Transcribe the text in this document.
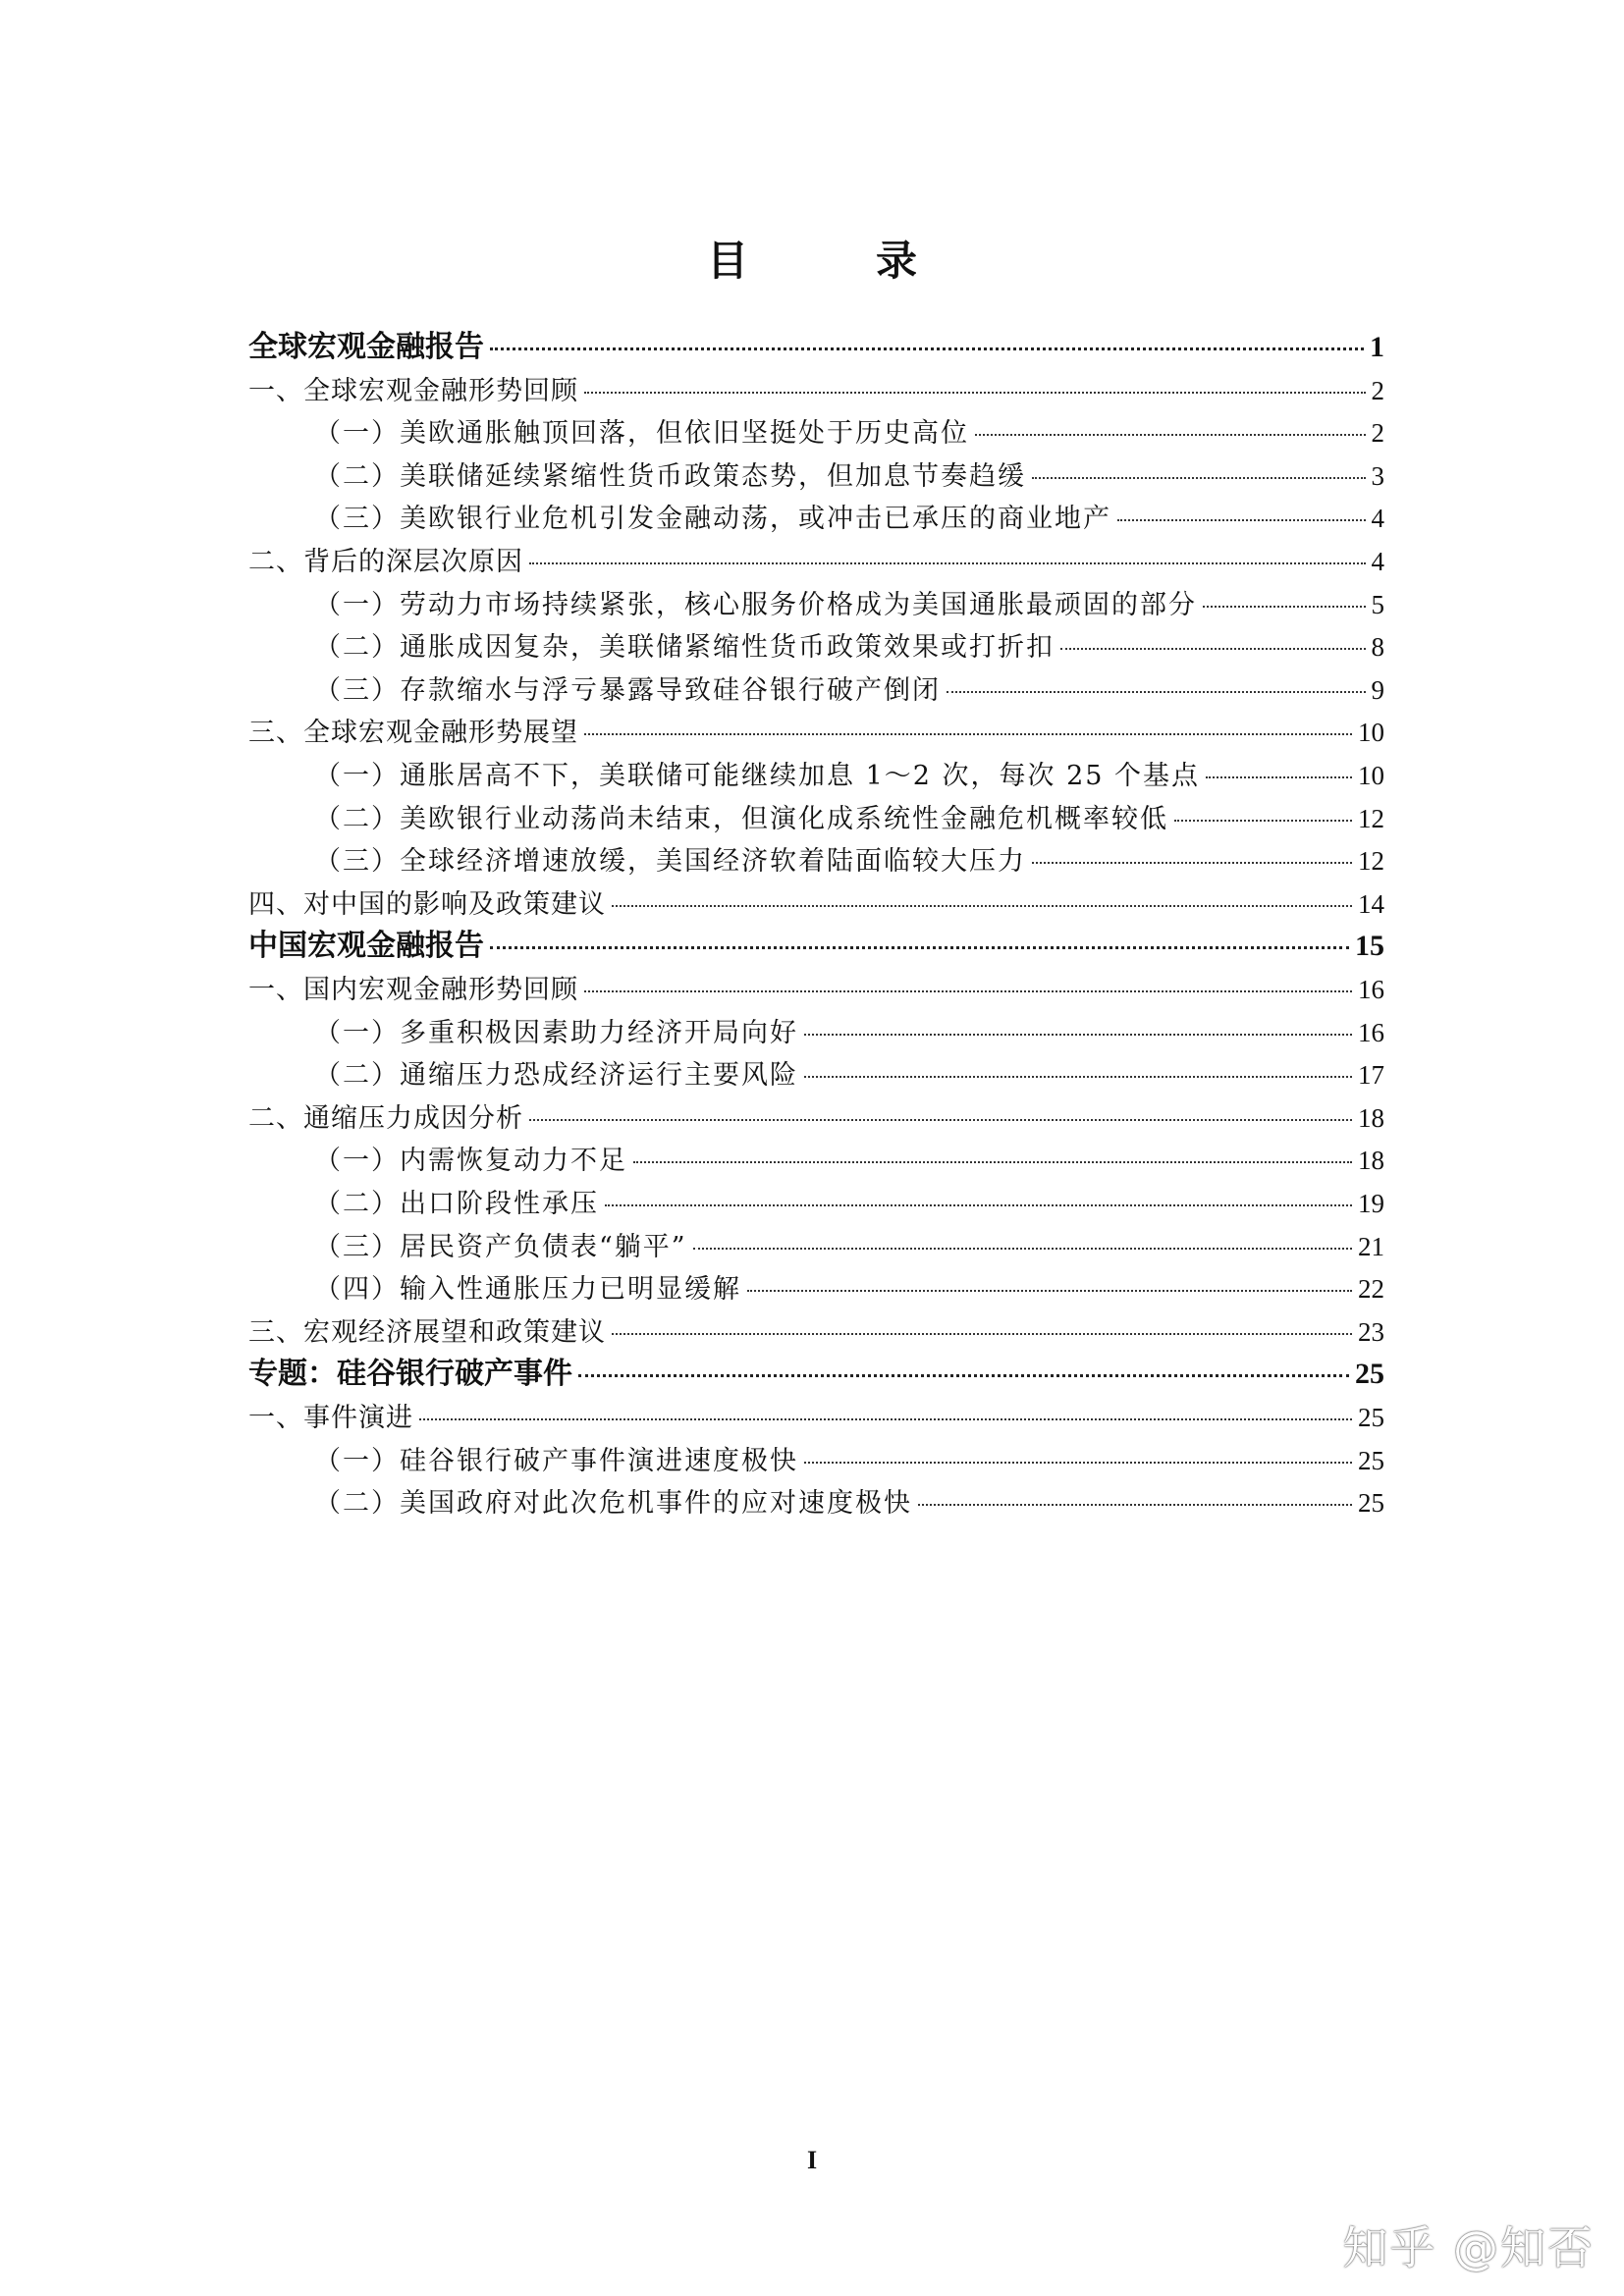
目　录
全球宏观金融报告	1
一、全球宏观金融形势回顾	2
（一）美欧通胀触顶回落，但依旧坚挺处于历史高位	2
（二）美联储延续紧缩性货币政策态势，但加息节奏趋缓	3
（三）美欧银行业危机引发金融动荡，或冲击已承压的商业地产	4
二、背后的深层次原因	4
（一）劳动力市场持续紧张，核心服务价格成为美国通胀最顽固的部分	5
（二）通胀成因复杂，美联储紧缩性货币政策效果或打折扣	8
（三）存款缩水与浮亏暴露导致硅谷银行破产倒闭	9
三、全球宏观金融形势展望	10
（一）通胀居高不下，美联储可能继续加息 1～2 次，每次 25 个基点	10
（二）美欧银行业动荡尚未结束，但演化成系统性金融危机概率较低	12
（三）全球经济增速放缓，美国经济软着陆面临较大压力	12
四、对中国的影响及政策建议	14
中国宏观金融报告	15
一、国内宏观金融形势回顾	16
（一）多重积极因素助力经济开局向好	16
（二）通缩压力恐成经济运行主要风险	17
二、通缩压力成因分析	18
（一）内需恢复动力不足	18
（二）出口阶段性承压	19
（三）居民资产负债表“躺平”	21
（四）输入性通胀压力已明显缓解	22
三、宏观经济展望和政策建议	23
专题：硅谷银行破产事件	25
一、事件演进	25
（一）硅谷银行破产事件演进速度极快	25
（二）美国政府对此次危机事件的应对速度极快	25
I
知乎 @知否
